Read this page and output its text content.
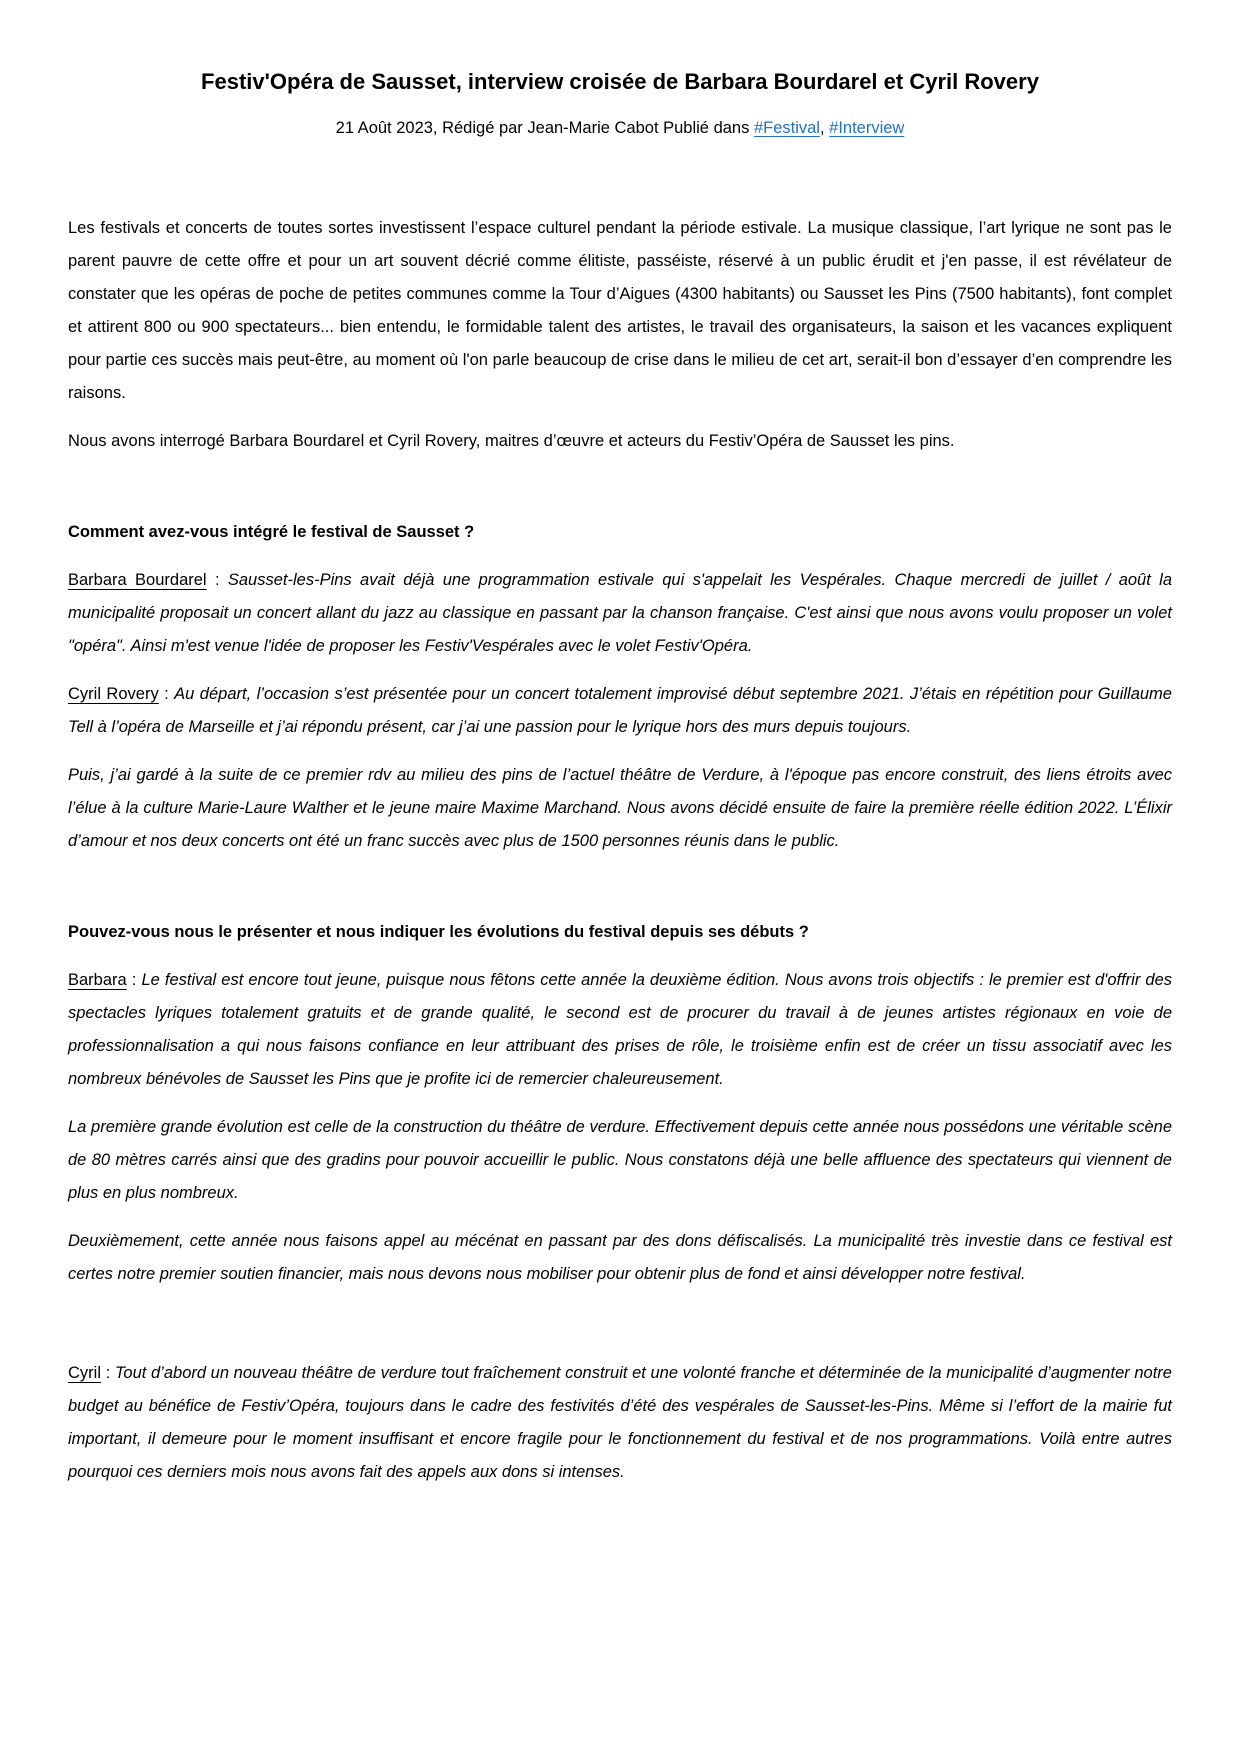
Festiv'Opéra de Sausset, interview croisée de Barbara Bourdarel et Cyril Rovery

21 Août 2023, Rédigé par Jean-Marie Cabot Publié dans #Festival, #Interview

Les festivals et concerts de toutes sortes investissent l’espace culturel pendant la période estivale. La musique classique, l’art lyrique ne sont pas le parent pauvre de cette offre et pour un art souvent décrié comme élitiste, passéiste, réservé à un public érudit et j'en passe, il est révélateur de constater que les opéras de poche de petites communes comme la Tour d’Aigues (4300 habitants) ou Sausset les Pins (7500 habitants), font complet et attirent 800 ou 900 spectateurs... bien entendu, le formidable talent des artistes, le travail des organisateurs, la saison et les vacances expliquent pour partie ces succès mais peut-être, au moment où l'on parle beaucoup de crise dans le milieu de cet art, serait-il bon d’essayer d’en comprendre les raisons.

Nous avons interrogé Barbara Bourdarel et Cyril Rovery, maitres d’œuvre et acteurs du Festiv’Opéra de Sausset les pins.

Comment avez-vous intégré le festival de Sausset ?

Barbara Bourdarel : Sausset-les-Pins avait déjà une programmation estivale qui s'appelait les Vespérales. Chaque mercredi de juillet / août la municipalité proposait un concert allant du jazz au classique en passant par la chanson française. C'est ainsi que nous avons voulu proposer un volet "opéra". Ainsi m'est venue l'idée de proposer les Festiv'Vespérales avec le volet Festiv'Opéra.

Cyril Rovery : Au départ, l’occasion s’est présentée pour un concert totalement improvisé début septembre 2021. J’étais en répétition pour Guillaume Tell à l’opéra de Marseille et j’ai répondu présent, car j’ai une passion pour le lyrique hors des murs depuis toujours.

Puis, j’ai gardé à la suite de ce premier rdv au milieu des pins de l’actuel théâtre de Verdure, à l'époque pas encore construit, des liens étroits avec l’élue à la culture Marie-Laure Walther et le jeune maire Maxime Marchand. Nous avons décidé ensuite de faire la première réelle édition 2022. L’Élixir d’amour et nos deux concerts ont été un franc succès avec plus de 1500 personnes réunis dans le public.

Pouvez-vous nous le présenter et nous indiquer les évolutions du festival depuis ses débuts ?

Barbara : Le festival est encore tout jeune, puisque nous fêtons cette année la deuxième édition. Nous avons trois objectifs : le premier est d'offrir des spectacles lyriques totalement gratuits et de grande qualité, le second est de procurer du travail à de jeunes artistes régionaux en voie de professionnalisation a qui nous faisons confiance en leur attribuant des prises de rôle, le troisième enfin est de créer un tissu associatif avec les nombreux bénévoles de Sausset les Pins que je profite ici de remercier chaleureusement.

La première grande évolution est celle de la construction du théâtre de verdure. Effectivement depuis cette année nous possédons une véritable scène de 80 mètres carrés ainsi que des gradins pour pouvoir accueillir le public. Nous constatons déjà une belle affluence des spectateurs qui viennent de plus en plus nombreux.

Deuxièmement, cette année nous faisons appel au mécénat en passant par des dons défiscalisés. La municipalité très investie dans ce festival est certes notre premier soutien financier, mais nous devons nous mobiliser pour obtenir plus de fond et ainsi développer notre festival.

Cyril : Tout d’abord un nouveau théâtre de verdure tout fraîchement construit et une volonté franche et déterminée de la municipalité d’augmenter notre budget au bénéfice de Festiv’Opéra, toujours dans le cadre des festivités d’été des vespérales de Sausset-les-Pins. Même si l’effort de la mairie fut important, il demeure pour le moment insuffisant et encore fragile pour le fonctionnement du festival et de nos programmations. Voilà entre autres pourquoi ces derniers mois nous avons fait des appels aux dons si intenses.
